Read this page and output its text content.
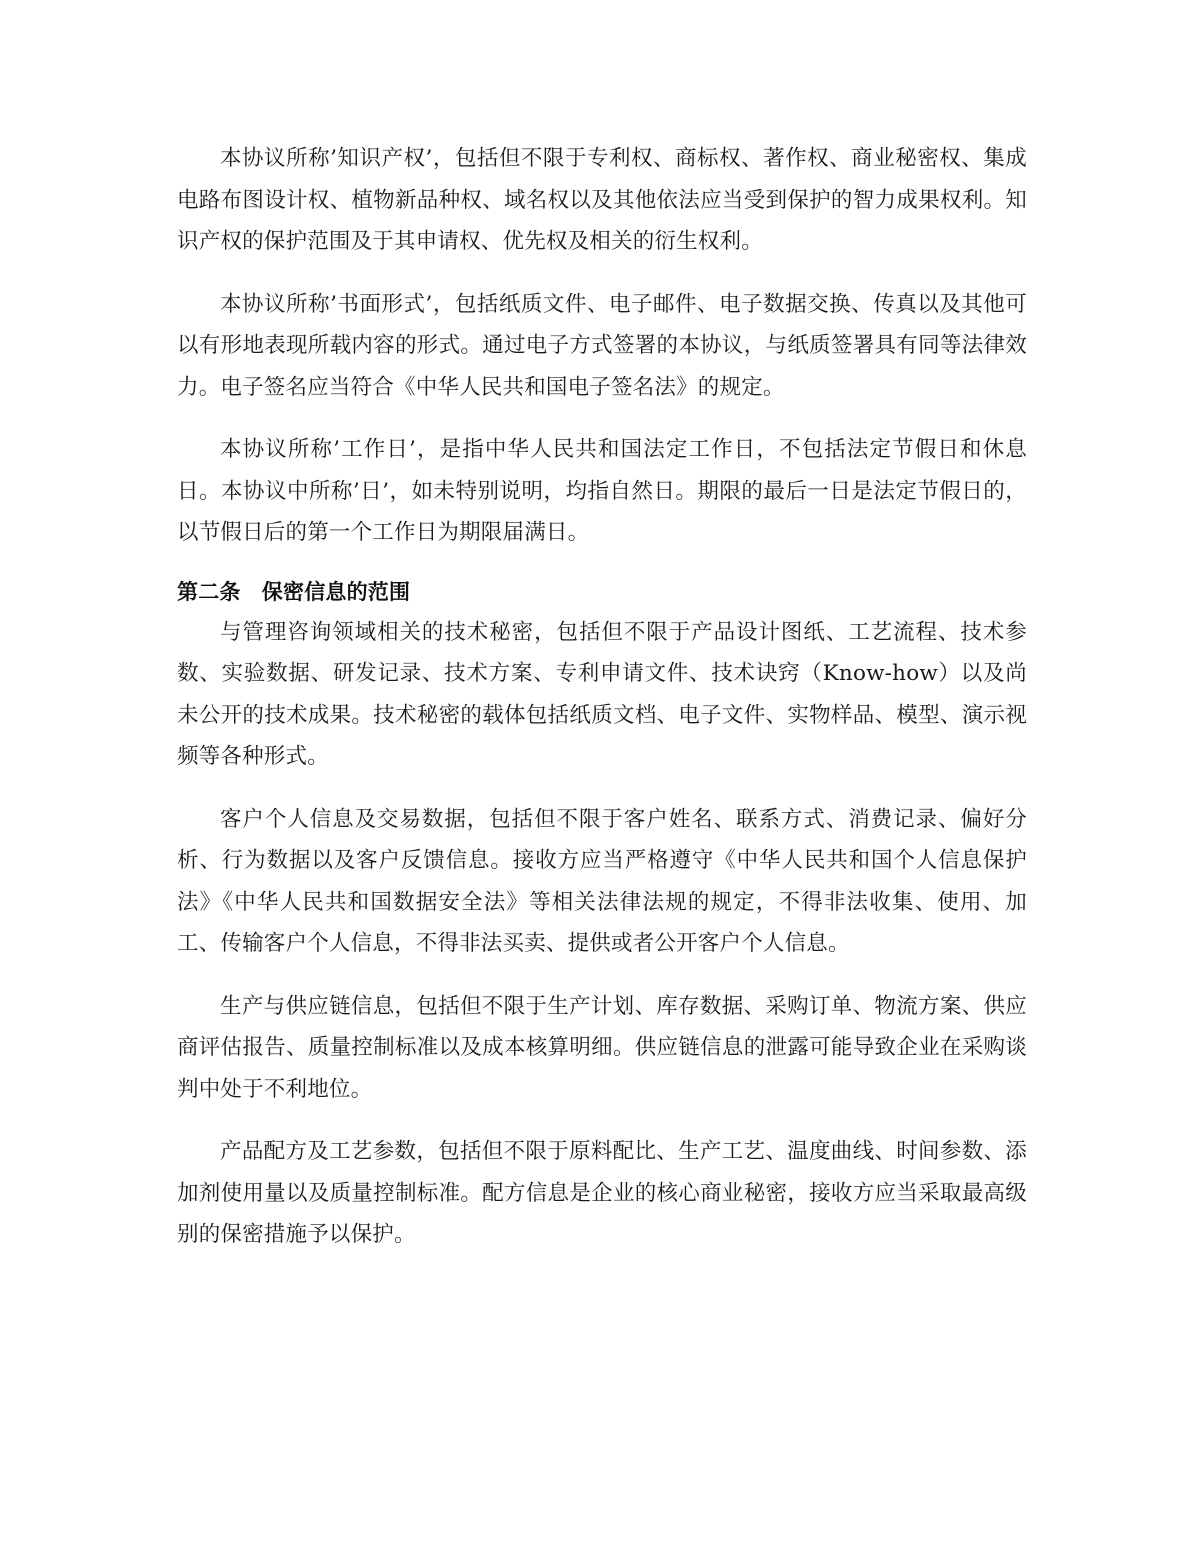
本协议所称’知识产权’，包括但不限于专利权、商标权、著作权、商业秘密权、集成电路布图设计权、植物新品种权、域名权以及其他依法应当受到保护的智力成果权利。知识产权的保护范围及于其申请权、优先权及相关的衍生权利。

本协议所称’书面形式’，包括纸质文件、电子邮件、电子数据交换、传真以及其他可以有形地表现所载内容的形式。通过电子方式签署的本协议，与纸质签署具有同等法律效力。电子签名应当符合《中华人民共和国电子签名法》的规定。

本协议所称’工作日’，是指中华人民共和国法定工作日，不包括法定节假日和休息日。本协议中所称’日’，如未特别说明，均指自然日。期限的最后一日是法定节假日的，以节假日后的第一个工作日为期限届满日。

第二条　保密信息的范围

与管理咨询领域相关的技术秘密，包括但不限于产品设计图纸、工艺流程、技术参数、实验数据、研发记录、技术方案、专利申请文件、技术诀窍（Know-how）以及尚未公开的技术成果。技术秘密的载体包括纸质文档、电子文件、实物样品、模型、演示视频等各种形式。

客户个人信息及交易数据，包括但不限于客户姓名、联系方式、消费记录、偏好分析、行为数据以及客户反馈信息。接收方应当严格遵守《中华人民共和国个人信息保护法》《中华人民共和国数据安全法》等相关法律法规的规定，不得非法收集、使用、加工、传输客户个人信息，不得非法买卖、提供或者公开客户个人信息。

生产与供应链信息，包括但不限于生产计划、库存数据、采购订单、物流方案、供应商评估报告、质量控制标准以及成本核算明细。供应链信息的泄露可能导致企业在采购谈判中处于不利地位。

产品配方及工艺参数，包括但不限于原料配比、生产工艺、温度曲线、时间参数、添加剂使用量以及质量控制标准。配方信息是企业的核心商业秘密，接收方应当采取最高级别的保密措施予以保护。
